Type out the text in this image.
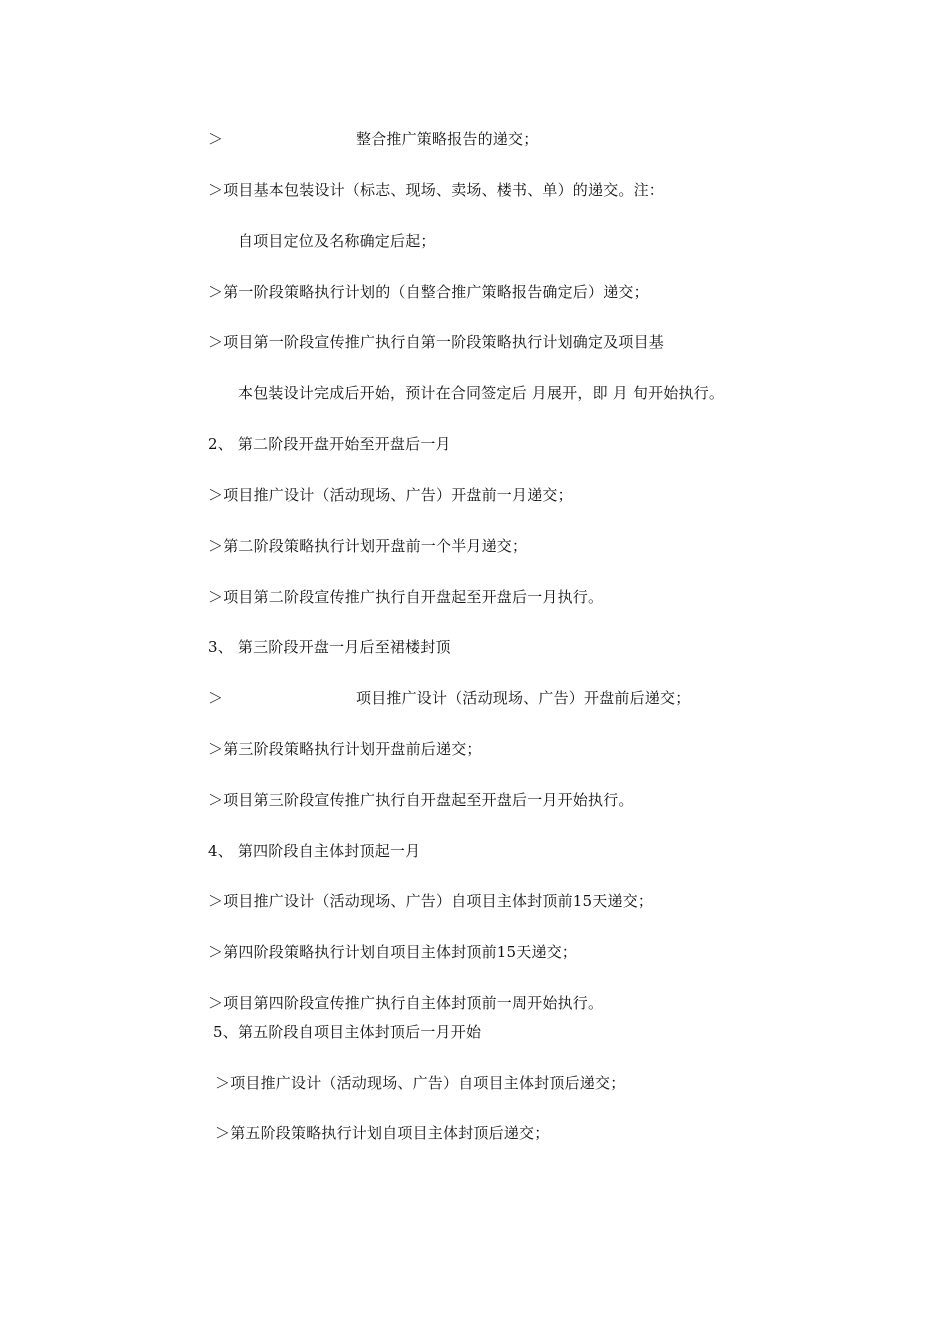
＞	整合推广策略报告的递交；
＞项目基本包装设计（标志、现场、卖场、楼书、单）的递交。注：
自项目定位及名称确定后起；
＞第一阶段策略执行计划的（自整合推广策略报告确定后）递交；
＞项目第一阶段宣传推广执行自第一阶段策略执行计划确定及项目基
本包装设计完成后开始，预计在合同签定后 月展开，即 月 旬开始执行。
2、 第二阶段开盘开始至开盘后一月
＞项目推广设计（活动现场、广告）开盘前一月递交；
＞第二阶段策略执行计划开盘前一个半月递交；
＞项目第二阶段宣传推广执行自开盘起至开盘后一月执行。
3、 第三阶段开盘一月后至裙楼封顶
＞	项目推广设计（活动现场、广告）开盘前后递交；
＞第三阶段策略执行计划开盘前后递交；
＞项目第三阶段宣传推广执行自开盘起至开盘后一月开始执行。
4、 第四阶段自主体封顶起一月
＞项目推广设计（活动现场、广告）自项目主体封顶前15天递交；
＞第四阶段策略执行计划自项目主体封顶前15天递交；
＞项目第四阶段宣传推广执行自主体封顶前一周开始执行。
5、第五阶段自项目主体封顶后一月开始
＞项目推广设计（活动现场、广告）自项目主体封顶后递交；
＞第五阶段策略执行计划自项目主体封顶后递交；
